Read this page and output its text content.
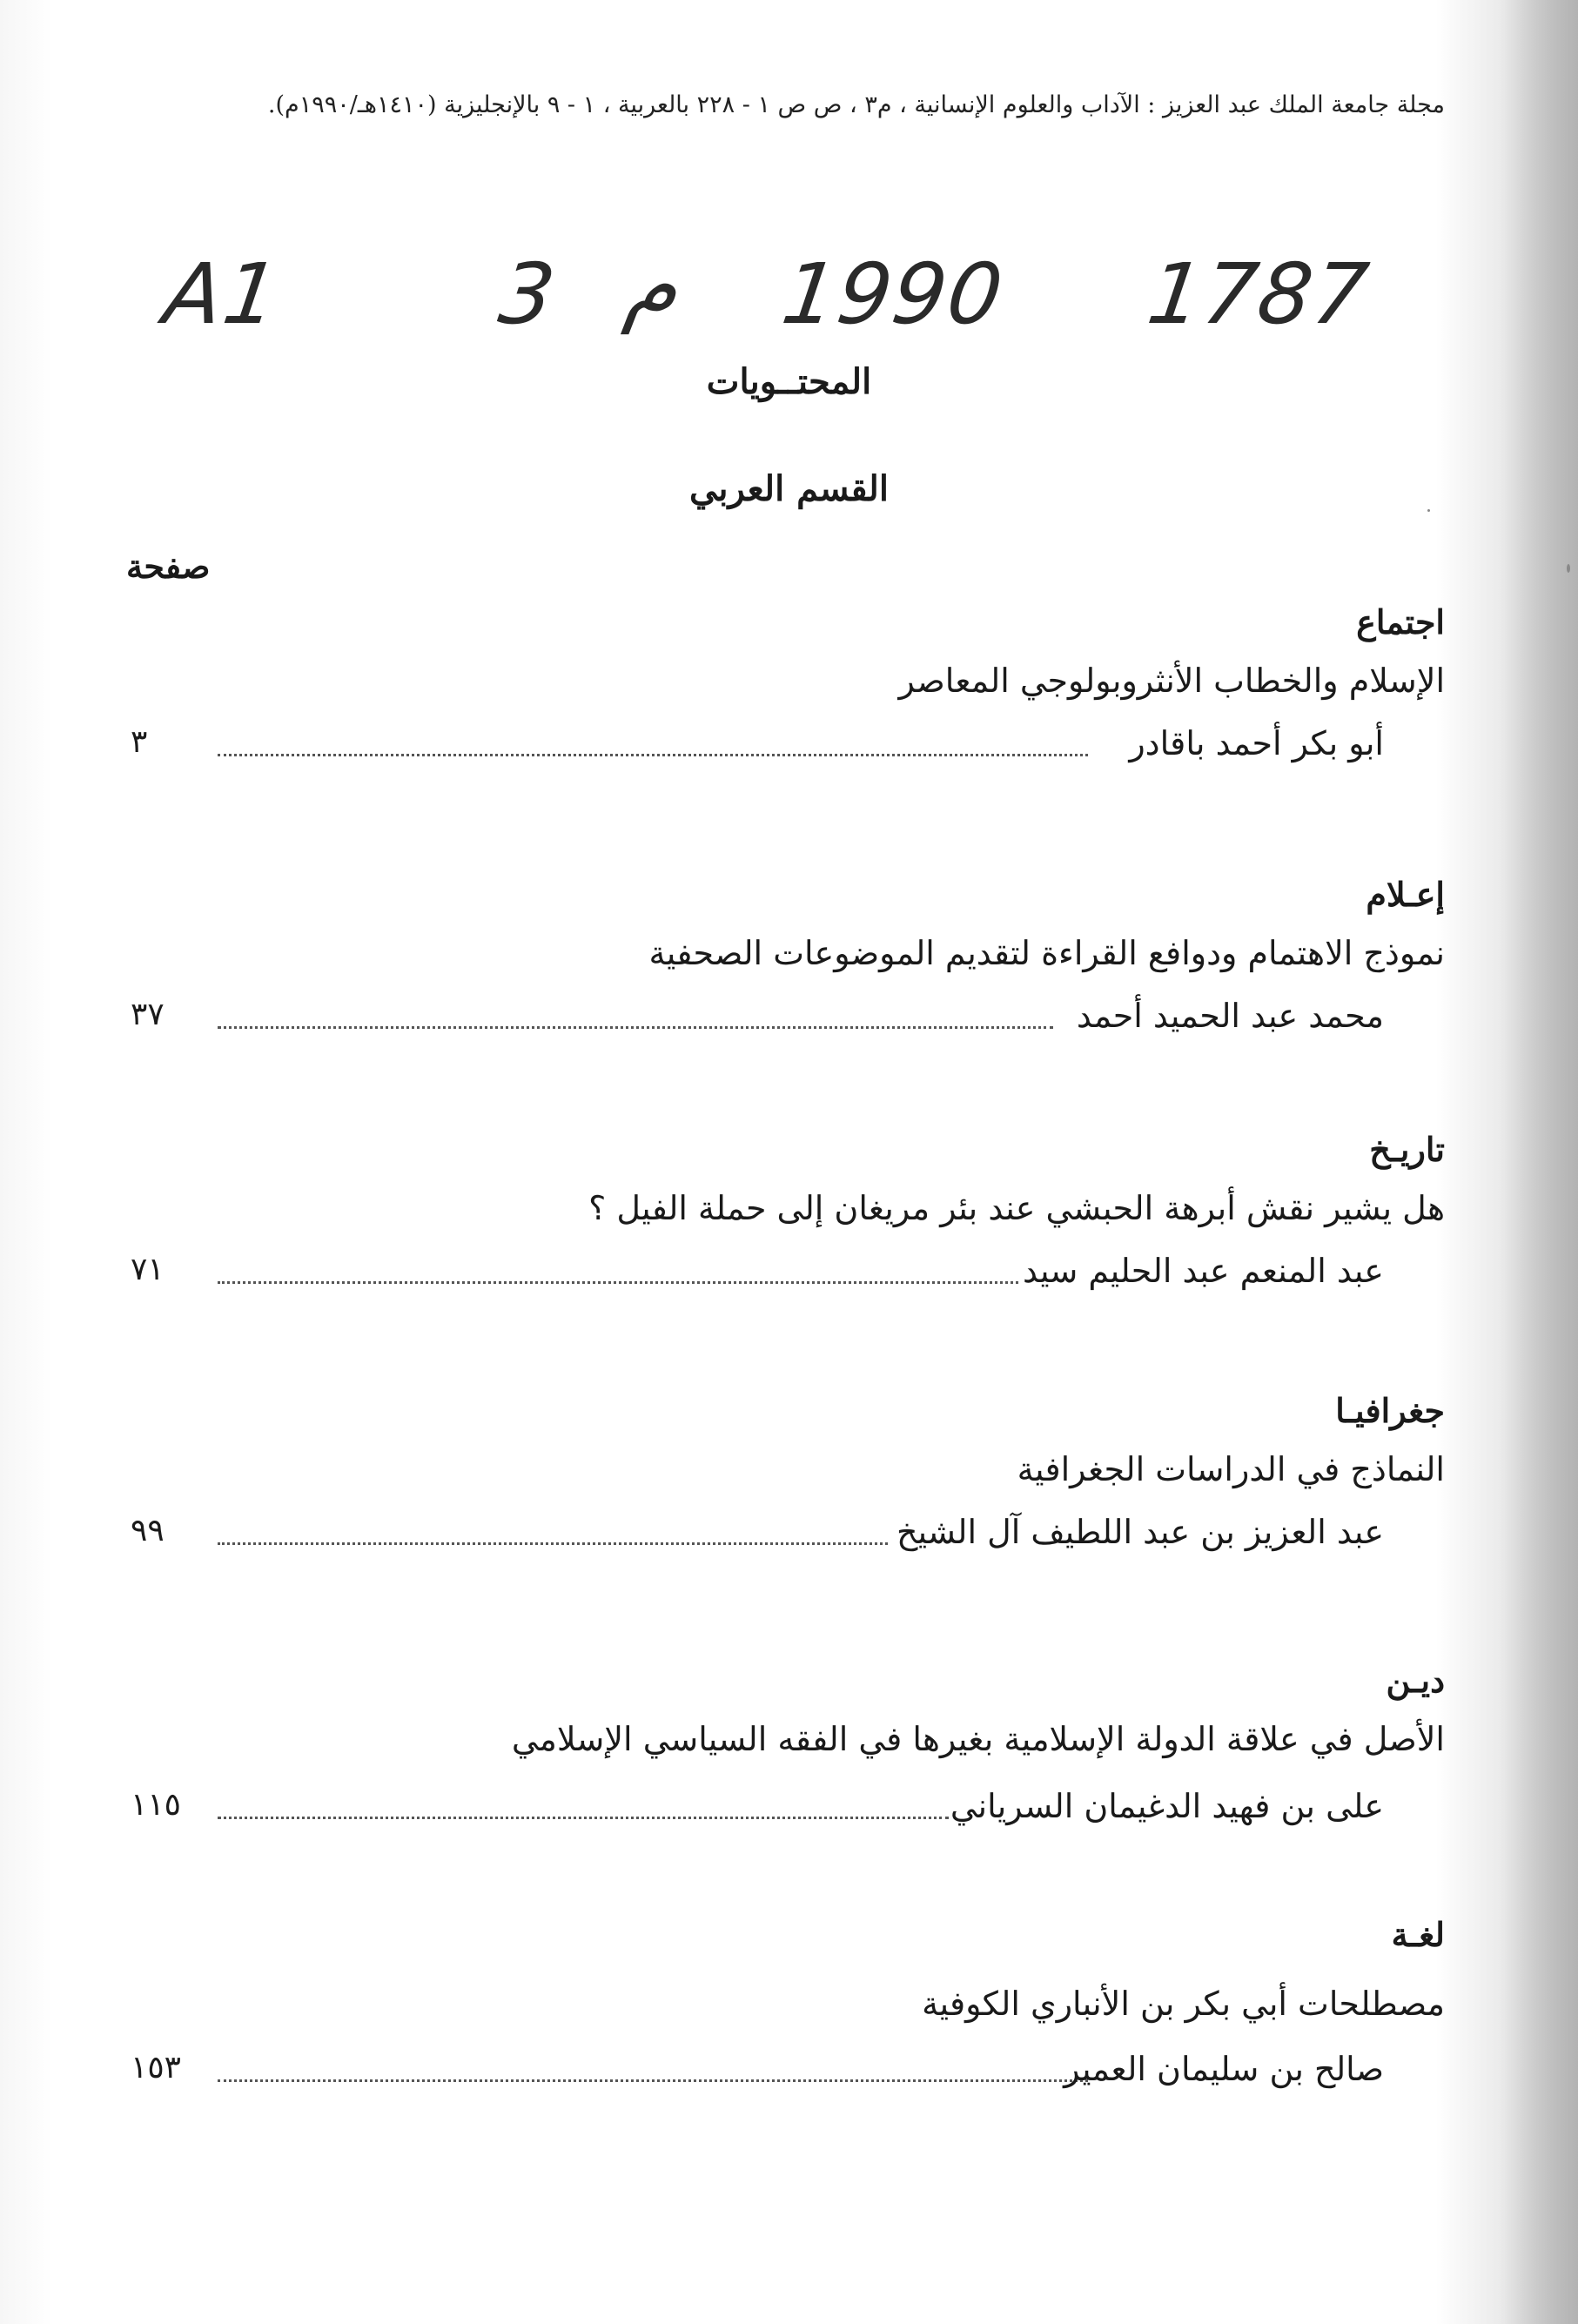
مجلة جامعة الملك عبد العزيز : الآداب والعلوم الإنسانية ، م٣ ، ص ص ١ - ٢٢٨ بالعربية ، ١ - ٩ بالإنجليزية (١٤١٠هـ/١٩٩٠م).
A1 3 م 1990 1787
المحتــويات
القسم العربي
صفحة
اجتماع
الإسلام والخطاب الأنثروبولوجي المعاصر
٣	أبو بكر أحمد باقادر
إعـلام
نموذج الاهتمام ودوافع القراءة لتقديم الموضوعات الصحفية
٣٧	محمد عبد الحميد أحمد
تاريـخ
هل يشير نقش أبرهة الحبشي عند بئر مريغان إلى حملة الفيل ؟
٧١	عبد المنعم عبد الحليم سيد
جغرافيـا
النماذج في الدراسات الجغرافية
٩٩	عبد العزيز بن عبد اللطيف آل الشيخ
ديـن
الأصل في علاقة الدولة الإسلامية بغيرها في الفقه السياسي الإسلامي
١١٥	على بن فهيد الدغيمان السرياني
لغـة
مصطلحات أبي بكر بن الأنباري الكوفية
١٥٣	صالح بن سليمان العمير
